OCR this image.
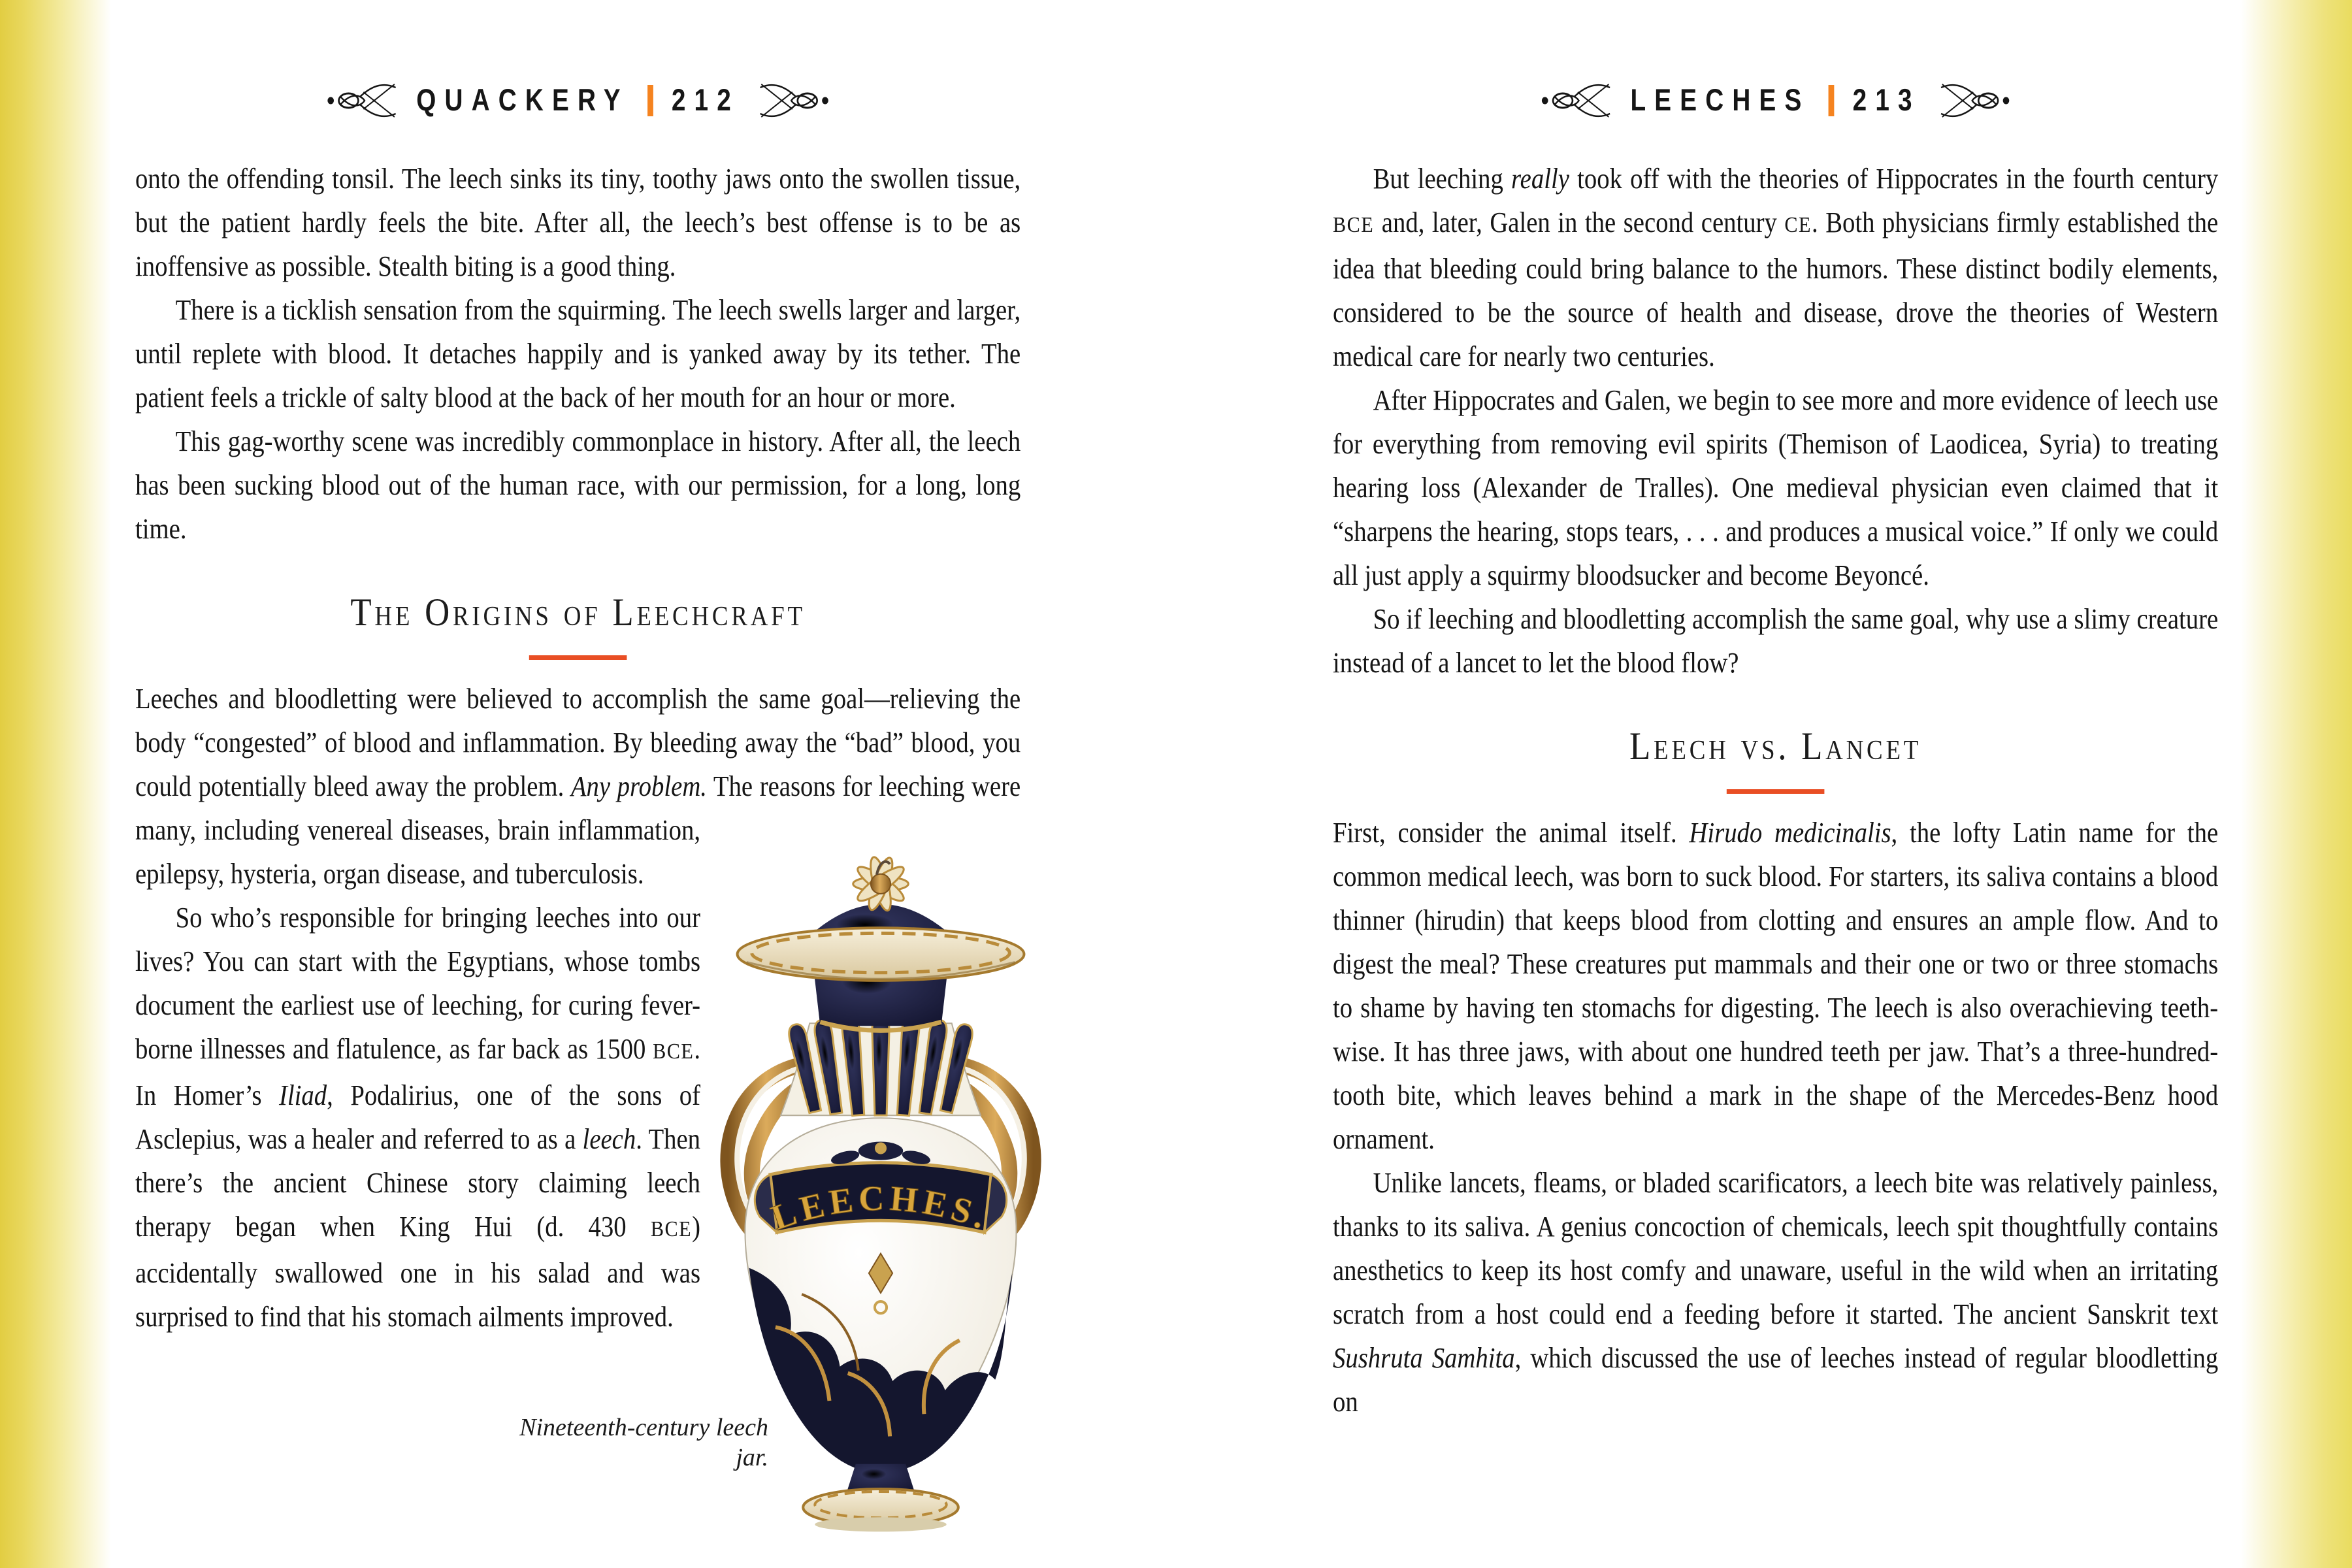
QUACKERY 212

onto the offending tonsil. The leech sinks its tiny, toothy jaws onto the swollen tissue, but the patient hardly feels the bite. After all, the leech’s best offense is to be as inoffensive as possible. Stealth biting is a good thing.

There is a ticklish sensation from the squirming. The leech swells larger and larger, until replete with blood. It detaches happily and is yanked away by its tether. The patient feels a trickle of salty blood at the back of her mouth for an hour or more.

This gag-worthy scene was incredibly commonplace in history. After all, the leech has been sucking blood out of the human race, with our permission, for a long, long time.

The Origins of Leechcraft

Leeches and bloodletting were believed to accomplish the same goal—relieving the body “congested” of blood and inflammation. By bleeding away the “bad” blood, you could potentially bleed away the problem. Any problem. The reasons for leeching were many, including venereal diseases, brain inflammation, epilepsy, hysteria, organ disease, and tuberculosis.

So who’s responsible for bringing leeches into our lives? You can start with the Egyptians, whose tombs document the earliest use of leeching, for curing fever-borne illnesses and flatulence, as far back as 1500 BCE. In Homer’s Iliad, Podalirius, one of the sons of Asclepius, was a healer and referred to as a leech. Then there’s the ancient Chinese story claiming leech therapy began when King Hui (d. 430 BCE) accidentally swallowed one in his salad and was surprised to find that his stomach ailments improved.

Nineteenth-century leech jar.
LEECHES.
LEECHES 213

But leeching really took off with the theories of Hippocrates in the fourth century BCE and, later, Galen in the second century CE. Both physicians firmly established the idea that bleeding could bring balance to the humors. These distinct bodily elements, considered to be the source of health and disease, drove the theories of Western medical care for nearly two centuries.

After Hippocrates and Galen, we begin to see more and more evidence of leech use for everything from removing evil spirits (Themison of Laodicea, Syria) to treating hearing loss (Alexander de Tralles). One medieval physician even claimed that it “sharpens the hearing, stops tears, . . . and produces a musical voice.” If only we could all just apply a squirmy bloodsucker and become Beyoncé.

So if leeching and bloodletting accomplish the same goal, why use a slimy creature instead of a lancet to let the blood flow?

Leech vs. Lancet

First, consider the animal itself. Hirudo medicinalis, the lofty Latin name for the common medical leech, was born to suck blood. For starters, its saliva contains a blood thinner (hirudin) that keeps blood from clotting and ensures an ample flow. And to digest the meal? These creatures put mammals and their one or two or three stomachs to shame by having ten stomachs for digesting. The leech is also overachieving teeth-wise. It has three jaws, with about one hundred teeth per jaw. That’s a three-hundred-tooth bite, which leaves behind a mark in the shape of the Mercedes-Benz hood ornament.

Unlike lancets, fleams, or bladed scarificators, a leech bite was relatively painless, thanks to its saliva. A genius concoction of chemicals, leech spit thoughtfully contains anesthetics to keep its host comfy and unaware, useful in the wild when an irritating scratch from a host could end a feeding before it started. The ancient Sanskrit text Sushruta Samhita, which discussed the use of leeches instead of regular bloodletting on
